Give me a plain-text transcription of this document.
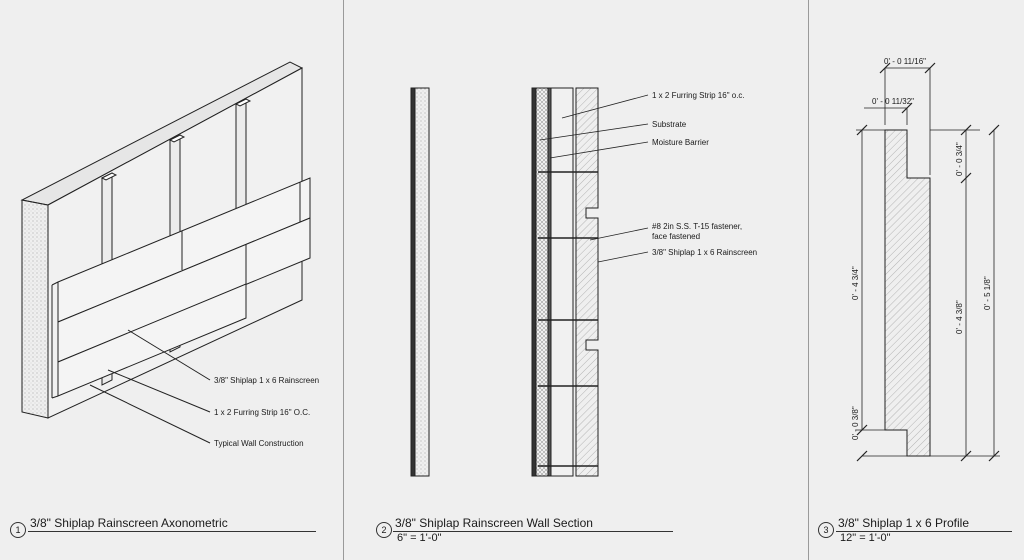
3/8" Shiplap 1 x 6 Rainscreen
1 x 2 Furring Strip 16" O.C.
Typical Wall Construction
1 x 2 Furring Strip 16" o.c.
Substrate
Moisture Barrier
#8 2in S.S. T-15 fastener,
face fastened
3/8" Shiplap 1 x 6 Rainscreen
0' - 0 11/16"
0' - 0 11/32"
0' - 0 3/4"
0' - 4 3/4"
0' - 4 3/8"
0' - 5 1/8"
0' - 0 3/8"
1 3/8" Shiplap Rainscreen Axonometric	2 3/8" Shiplap Rainscreen Wall Section
6" = 1'-0"
3 3/8" Shiplap 1 x 6 Profile
12" = 1'-0"
